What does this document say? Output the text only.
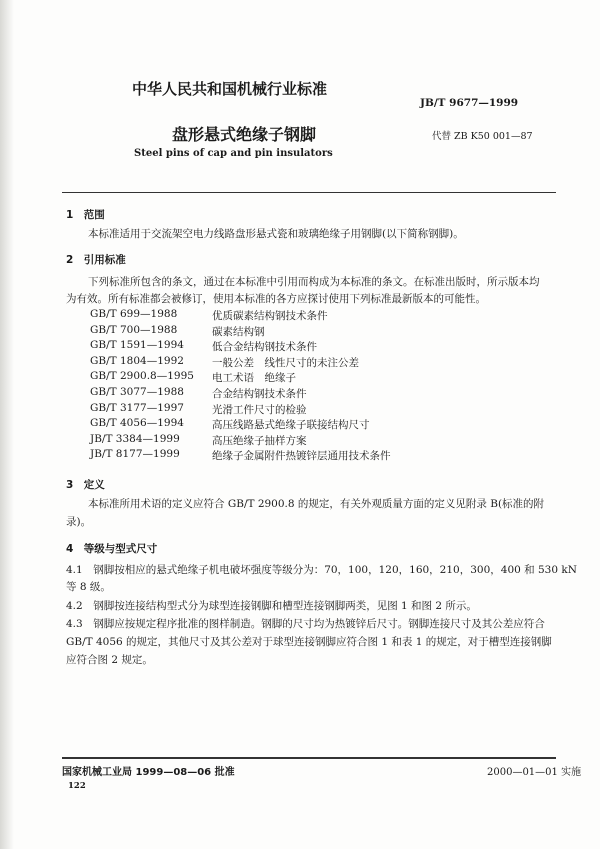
中华人民共和国机械行业标准
JB/T 9677—1999
盘形悬式绝缘子钢脚	代替 ZB K50 001—87
Steel pins of cap and pin insulators
1　范围
本标准适用于交流架空电力线路盘形悬式瓷和玻璃绝缘子用钢脚(以下简称钢脚)。
2　引用标准
下列标准所包含的条文，通过在本标准中引用而构成为本标准的条文。在标准出版时，所示版本均
为有效。所有标准都会被修订，使用本标准的各方应探讨使用下列标准最新版本的可能性。
GB/T 699—1988	优质碳素结构钢技术条件
GB/T 700—1988	碳素结构钢
GB/T 1591—1994	低合金结构钢技术条件
GB/T 1804—1992	一般公差　线性尺寸的未注公差
GB/T 2900.8—1995 电工术语　绝缘子
GB/T 3077—1988	合金结构钢技术条件
GB/T 3177—1997	光滑工件尺寸的检验
GB/T 4056—1994	高压线路悬式绝缘子联接结构尺寸
JB/T 3384—1999	高压绝缘子抽样方案
JB/T 8177—1999	绝缘子金属附件热镀锌层通用技术条件
3　定义
本标准所用术语的定义应符合 GB/T 2900.8 的规定，有关外观质量方面的定义见附录 B(标准的附
录)。
4　等级与型式尺寸
4.1　钢脚按相应的悬式绝缘子机电破坏强度等级分为：70，100，120，160，210，300，400 和 530 kN
等 8 级。
4.2　钢脚按连接结构型式分为球型连接钢脚和槽型连接钢脚两类，见图 1 和图 2 所示。
4.3　钢脚应按规定程序批准的图样制造。钢脚的尺寸均为热镀锌后尺寸。钢脚连接尺寸及其公差应符合
GB/T 4056 的规定，其他尺寸及其公差对于球型连接钢脚应符合图 1 和表 1 的规定，对于槽型连接钢脚
应符合图 2 规定。
国家机械工业局 1999—08—06 批准	2000—01—01 实施
122
